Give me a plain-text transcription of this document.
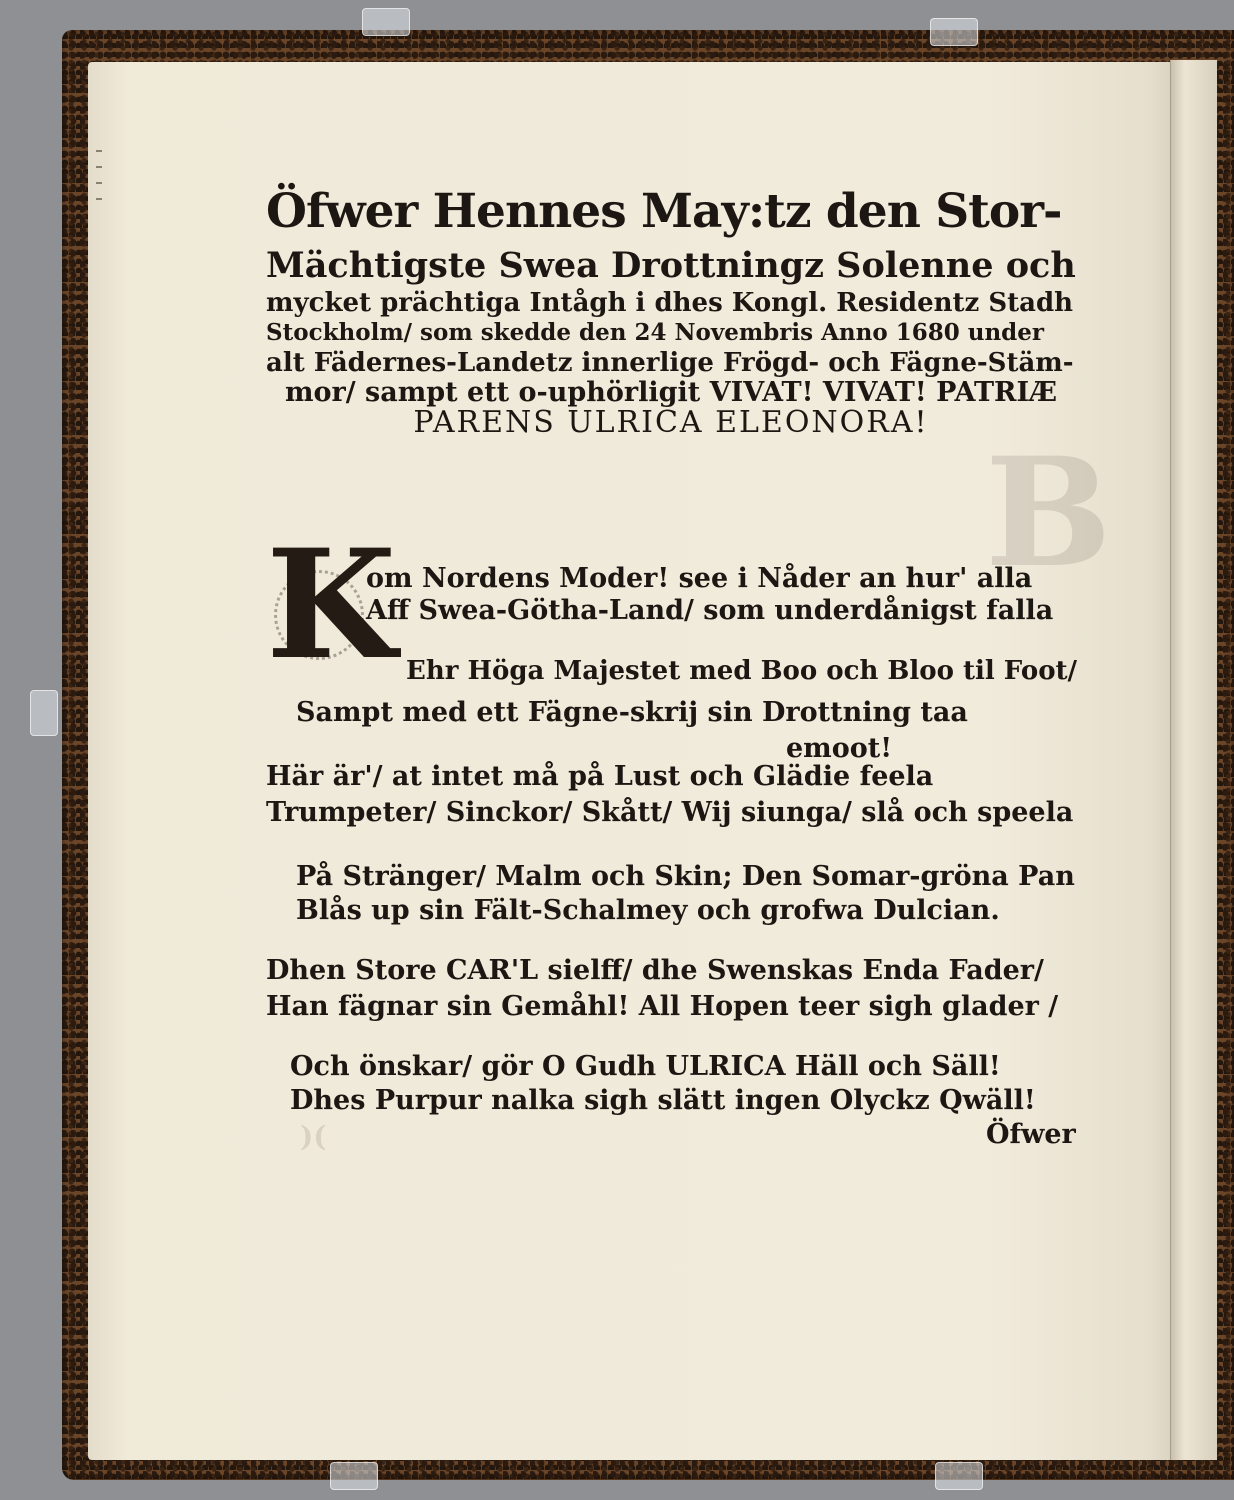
B
)(
Öfwer Hennes May:tz den Stor-
Mächtigste Swea Drottningz Solenne och
mycket prächtiga Intågh i dhes Kongl. Residentz Stadh
Stockholm/ som skedde den 24 Novembris Anno 1680 under
alt Fädernes-Landetz innerlige Frögd- och Fägne-Stäm-
mor/ sampt ett o-uphörligit VIVAT! VIVAT! PATRIÆ
PARENS ULRICA ELEONORA!
K
om Nordens Moder! see i Nåder an hur' alla
Aff Swea-Götha-Land/ som underdånigst falla
Ehr Höga Majestet med Boo och Bloo til Foot/
Sampt med ett Fägne-skrij sin Drottning taa
emoot!
Här är'/ at intet må på Lust och Glädie feela
Trumpeter/ Sinckor/ Skått/ Wij siunga/ slå och speela
På Stränger/ Malm och Skin; Den Somar-gröna Pan
Blås up sin Fält-Schalmey och grofwa Dulcian.
Dhen Store CAR'L sielff/ dhe Swenskas Enda Fader/
Han fägnar sin Gemåhl! All Hopen teer sigh glader /
Och önskar/ gör O Gudh ULRICA Häll och Säll!
Dhes Purpur nalka sigh slätt ingen Olyckz Qwäll!
Öfwer
